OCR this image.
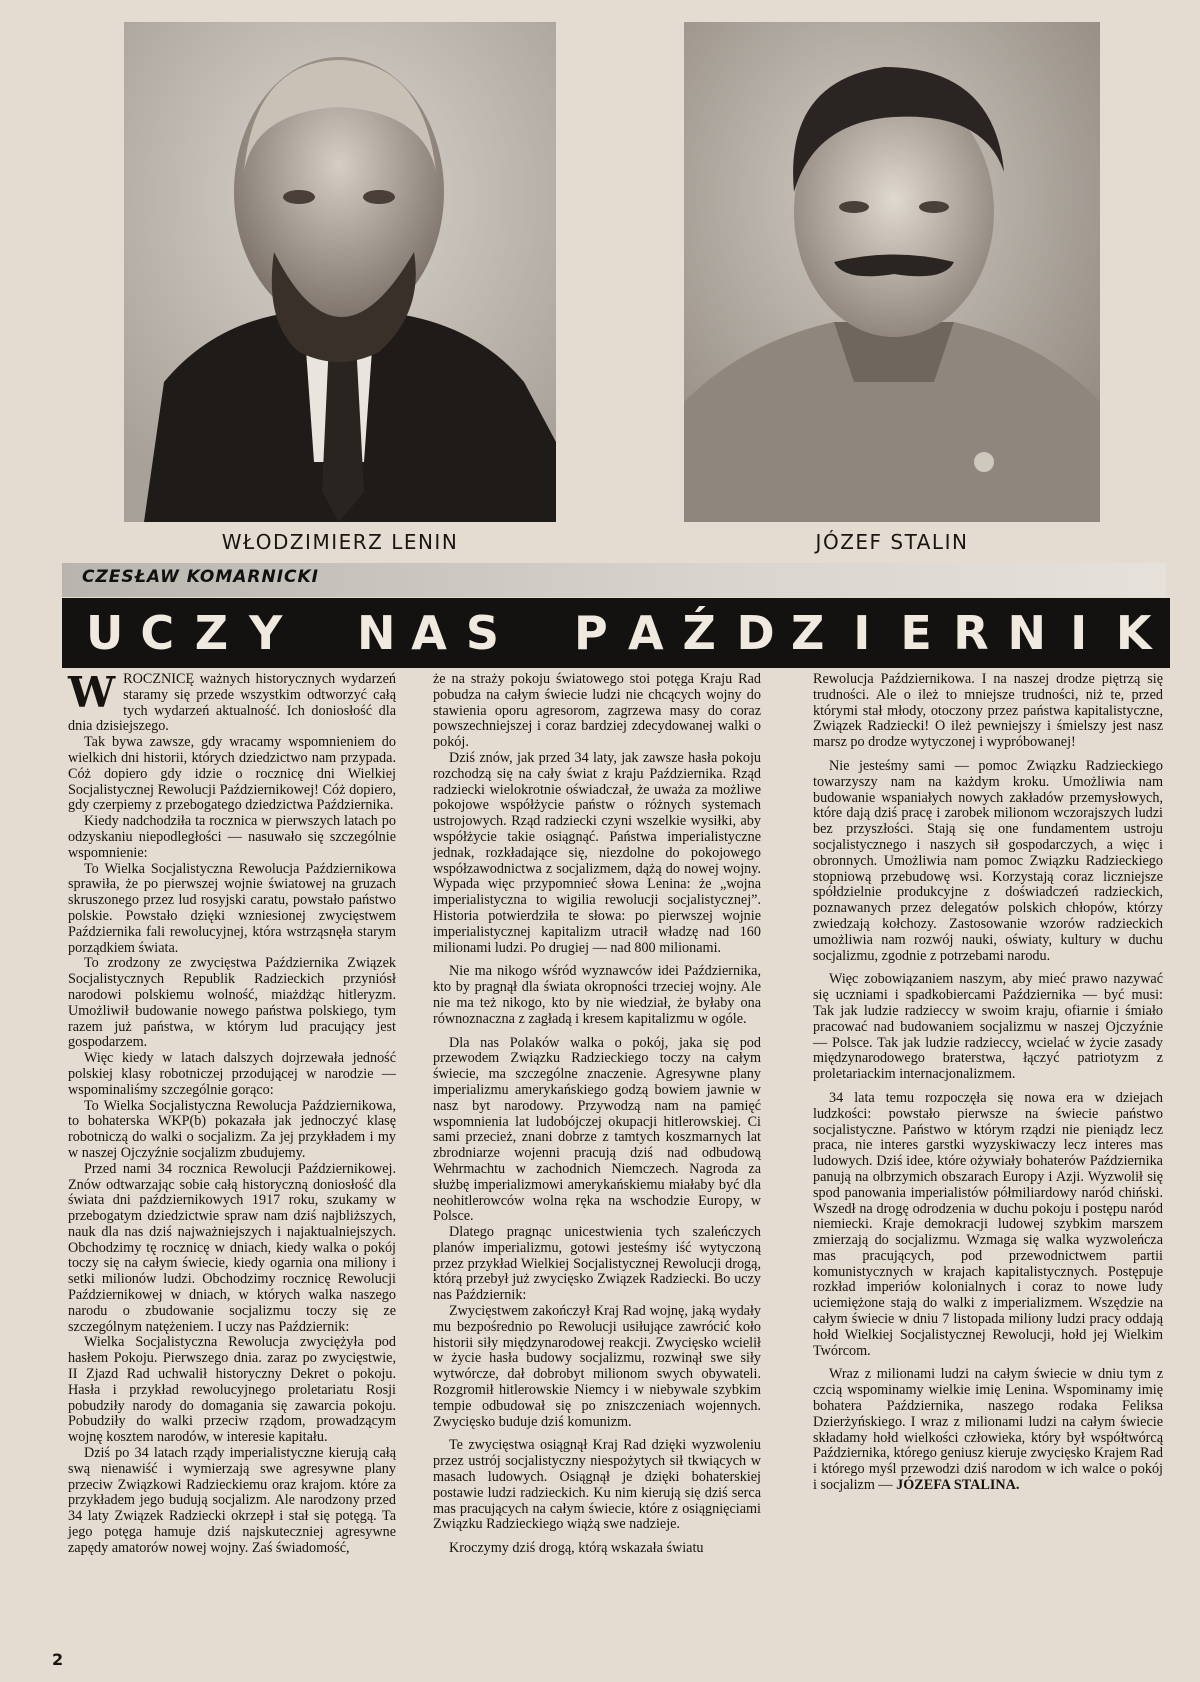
WŁODZIMIERZ LENIN	JÓZEF STALIN
CZESŁAW KOMARNICKI
U C Z Y N A S P A Ź D Z I E R N I K

WROCZNICĘ ważnych historycznych wydarzeń staramy się przede wszystkim odtworzyć całą tych wydarzeń aktualność. Ich doniosłość dla dnia dzisiejszego.

Tak bywa zawsze, gdy wracamy wspomnieniem do wielkich dni historii, których dziedzictwo nam przypada. Cóż dopiero gdy idzie o rocznicę dni Wielkiej Socjalistycznej Rewolucji Październikowej! Cóż dopiero, gdy czerpiemy z przebogatego dziedzictwa Października.

Kiedy nadchodziła ta rocznica w pierwszych latach po odzyskaniu niepodległości — nasuwało się szczególnie wspomnienie:

To Wielka Socjalistyczna Rewolucja Październikowa sprawiła, że po pierwszej wojnie światowej na gruzach skruszonego przez lud rosyjski caratu, powstało państwo polskie. Powstało dzięki wzniesionej zwycięstwem Października fali rewolucyjnej, która wstrząsnęła starym porządkiem świata.

To zrodzony ze zwycięstwa Października Związek Socjalistycznych Republik Radzieckich przyniósł narodowi polskiemu wolność, miażdżąc hitleryzm. Umożliwił budowanie nowego państwa polskiego, tym razem już państwa, w którym lud pracujący jest gospodarzem.

Więc kiedy w latach dalszych dojrzewała jedność polskiej klasy robotniczej przodującej w narodzie — wspominaliśmy szczególnie gorąco:

To Wielka Socjalistyczna Rewolucja Październikowa, to bohaterska WKP(b) pokazała jak jednoczyć klasę robotniczą do walki o socjalizm. Za jej przykładem i my w naszej Ojczyźnie socjalizm zbudujemy.

Przed nami 34 rocznica Rewolucji Październikowej. Znów odtwarzając sobie całą historyczną doniosłość dla świata dni październikowych 1917 roku, szukamy w przebogatym dziedzictwie spraw nam dziś najbliższych, nauk dla nas dziś najważniejszych i najaktualniejszych. Obchodzimy tę rocznicę w dniach, kiedy walka o pokój toczy się na całym świecie, kiedy ogarnia ona miliony i setki milionów ludzi. Obchodzimy rocznicę Rewolucji Październikowej w dniach, w których walka naszego narodu o zbudowanie socjalizmu toczy się ze szczególnym natężeniem. I uczy nas Październik:

Wielka Socjalistyczna Rewolucja zwyciężyła pod hasłem Pokoju. Pierwszego dnia. zaraz po zwycięstwie, II Zjazd Rad uchwalił historyczny Dekret o pokoju. Hasła i przykład rewolucyjnego proletariatu Rosji pobudziły narody do domagania się zawarcia pokoju. Pobudziły do walki przeciw rządom, prowadzącym wojnę kosztem narodów, w interesie kapitału.

Dziś po 34 latach rządy imperialistyczne kierują całą swą nienawiść i wymierzają swe agresywne plany przeciw Związkowi Radzieckiemu oraz krajom. które za przykładem jego budują socjalizm. Ale narodzony przed 34 laty Związek Radziecki okrzepł i stał się potęgą. Ta jego potęga hamuje dziś najskuteczniej agresywne zapędy amatorów nowej wojny. Zaś świadomość,

że na straży pokoju światowego stoi potęga Kraju Rad pobudza na całym świecie ludzi nie chcących wojny do stawienia oporu agresorom, zagrzewa masy do coraz powszechniejszej i coraz bardziej zdecydowanej walki o pokój.

Dziś znów, jak przed 34 laty, jak zawsze hasła pokoju rozchodzą się na cały świat z kraju Października. Rząd radziecki wielokrotnie oświadczał, że uważa za możliwe pokojowe współżycie państw o różnych systemach ustrojowych. Rząd radziecki czyni wszelkie wysiłki, aby współżycie takie osiągnąć. Państwa imperialistyczne jednak, rozkładające się, niezdolne do pokojowego współzawodnictwa z socjalizmem, dążą do nowej wojny. Wypada więc przypomnieć słowa Lenina: że „wojna imperialistyczna to wigilia rewolucji socjalistycznej”. Historia potwierdziła te słowa: po pierwszej wojnie imperialistycznej kapitalizm utracił władzę nad 160 milionami ludzi. Po drugiej — nad 800 milionami.

Nie ma nikogo wśród wyznawców idei Października, kto by pragnął dla świata okropności trzeciej wojny. Ale nie ma też nikogo, kto by nie wiedział, że byłaby ona równoznaczna z zagładą i kresem kapitalizmu w ogóle.

Dla nas Polaków walka o pokój, jaka się pod przewodem Związku Radzieckiego toczy na całym świecie, ma szczególne znaczenie. Agresywne plany imperializmu amerykańskiego godzą bowiem jawnie w nasz byt narodowy. Przywodzą nam na pamięć wspomnienia lat ludobójczej okupacji hitlerowskiej. Ci sami przecież, znani dobrze z tamtych koszmarnych lat zbrodniarze wojenni pracują dziś nad odbudową Wehrmachtu w zachodnich Niemczech. Nagroda za służbę imperializmowi amerykańskiemu miałaby być dla neohitlerowców wolna ręka na wschodzie Europy, w Polsce.

Dlatego pragnąc unicestwienia tych szaleńczych planów imperializmu, gotowi jesteśmy iść wytyczoną przez przykład Wielkiej Socjalistycznej Rewolucji drogą, którą przebył już zwycięsko Związek Radziecki. Bo uczy nas Październik:

Zwycięstwem zakończył Kraj Rad wojnę, jaką wydały mu bezpośrednio po Rewolucji usiłujące zawrócić koło historii siły międzynarodowej reakcji. Zwycięsko wcielił w życie hasła budowy socjalizmu, rozwinął swe siły wytwórcze, dał dobrobyt milionom swych obywateli. Rozgromił hitlerowskie Niemcy i w niebywale szybkim tempie odbudował się po zniszczeniach wojennych. Zwycięsko buduje dziś komunizm.

Te zwycięstwa osiągnął Kraj Rad dzięki wyzwoleniu przez ustrój socjalistyczny niespożytych sił tkwiących w masach ludowych. Osiągnął je dzięki bohaterskiej postawie ludzi radzieckich. Ku nim kierują się dziś serca mas pracujących na całym świecie, które z osiągnięciami Związku Radzieckiego wiążą swe nadzieje.

Kroczymy dziś drogą, którą wskazała światu

Rewolucja Październikowa. I na naszej drodze piętrzą się trudności. Ale o ileż to mniejsze trudności, niż te, przed którymi stał młody, otoczony przez państwa kapitalistyczne, Związek Radziecki! O ileż pewniejszy i śmielszy jest nasz marsz po drodze wytyczonej i wypróbowanej!

Nie jesteśmy sami — pomoc Związku Radzieckiego towarzyszy nam na każdym kroku. Umożliwia nam budowanie wspaniałych nowych zakładów przemysłowych, które dają dziś pracę i zarobek milionom wczorajszych ludzi bez przyszłości. Stają się one fundamentem ustroju socjalistycznego i naszych sił gospodarczych, a więc i obronnych. Umożliwia nam pomoc Związku Radzieckiego stopniową przebudowę wsi. Korzystają coraz liczniejsze spółdzielnie produkcyjne z doświadczeń radzieckich, poznawanych przez delegatów polskich chłopów, którzy zwiedzają kołchozy. Zastosowanie wzorów radzieckich umożliwia nam rozwój nauki, oświaty, kultury w duchu socjalizmu, zgodnie z potrzebami narodu.

Więc zobowiązaniem naszym, aby mieć prawo nazywać się uczniami i spadkobiercami Października — być musi: Tak jak ludzie radzieccy w swoim kraju, ofiarnie i śmiało pracować nad budowaniem socjalizmu w naszej Ojczyźnie — Polsce. Tak jak ludzie radzieccy, wcielać w życie zasady międzynarodowego braterstwa, łączyć patriotyzm z proletariackim internacjonalizmem.

34 lata temu rozpoczęła się nowa era w dziejach ludzkości: powstało pierwsze na świecie państwo socjalistyczne. Państwo w którym rządzi nie pieniądz lecz praca, nie interes garstki wyzyskiwaczy lecz interes mas ludowych. Dziś idee, które ożywiały bohaterów Października panują na olbrzymich obszarach Europy i Azji. Wyzwolił się spod panowania imperialistów półmiliardowy naród chiński. Wszedł na drogę odrodzenia w duchu pokoju i postępu naród niemiecki. Kraje demokracji ludowej szybkim marszem zmierzają do socjalizmu. Wzmaga się walka wyzwoleńcza mas pracujących, pod przewodnictwem partii komunistycznych w krajach kapitalistycznych. Postępuje rozkład imperiów kolonialnych i coraz to nowe ludy uciemiężone stają do walki z imperializmem. Wszędzie na całym świecie w dniu 7 listopada miliony ludzi pracy oddają hołd Wielkiej Socjalistycznej Rewolucji, hołd jej Wielkim Twórcom.

Wraz z milionami ludzi na całym świecie w dniu tym z czcią wspominamy wielkie imię Lenina. Wspominamy imię bohatera Października, naszego rodaka Feliksa Dzierżyńskiego. I wraz z milionami ludzi na całym świecie składamy hołd wielkości człowieka, który był współtwórcą Października, którego geniusz kieruje zwycięsko Krajem Rad i którego myśl przewodzi dziś narodom w ich walce o pokój i socjalizm — JÓZEFA STALINA.

2
